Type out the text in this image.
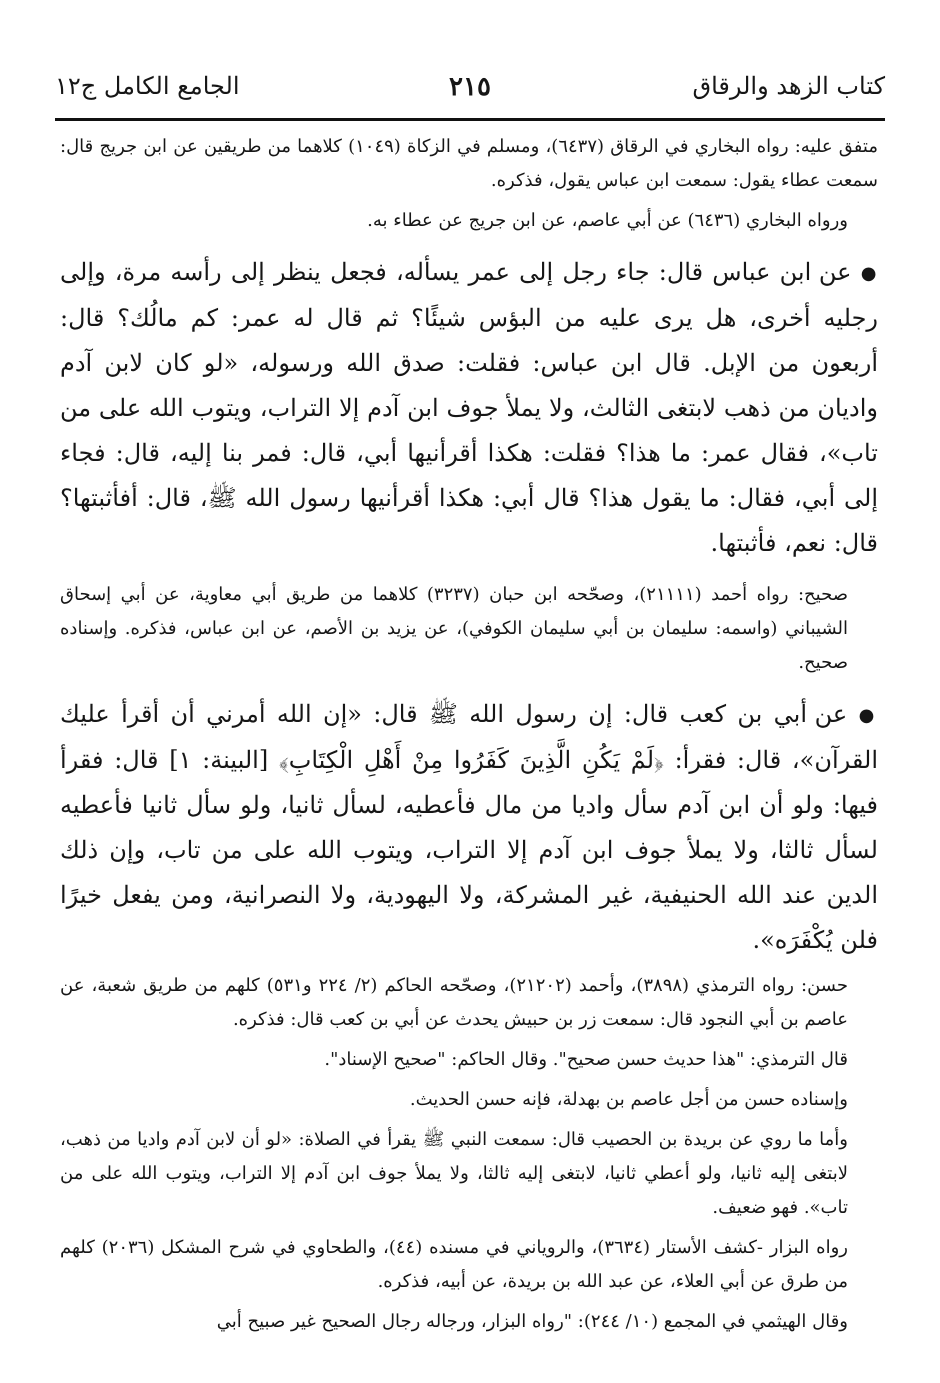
كتاب الزهد والرقاق
٢١٥
الجامع الكامل ج١٢

متفق عليه: رواه البخاري في الرقاق (٦٤٣٧)، ومسلم في الزكاة (١٠٤٩) كلاهما من طريقين عن ابن جريج قال: سمعت عطاء يقول: سمعت ابن عباس يقول، فذكره.

ورواه البخاري (٦٤٣٦) عن أبي عاصم، عن ابن جريج عن عطاء به.

● عن ابن عباس قال: جاء رجل إلى عمر يسأله، فجعل ينظر إلى رأسه مرة، وإلى رجليه أخرى، هل يرى عليه من البؤس شيئًا؟ ثم قال له عمر: كم مالُك؟ قال: أربعون من الإبل. قال ابن عباس: فقلت: صدق الله ورسوله، «لو كان لابن آدم واديان من ذهب لابتغى الثالث، ولا يملأ جوف ابن آدم إلا التراب، ويتوب الله على من تاب»، فقال عمر: ما هذا؟ فقلت: هكذا أقرأنيها أبي، قال: فمر بنا إليه، قال: فجاء إلى أبي، فقال: ما يقول هذا؟ قال أبي: هكذا أقرأنيها رسول الله ﷺ، قال: أفأثبتها؟ قال: نعم، فأثبتها.

صحيح: رواه أحمد (٢١١١١)، وصحّحه ابن حبان (٣٢٣٧) كلاهما من طريق أبي معاوية، عن أبي إسحاق الشيباني (واسمه: سليمان بن أبي سليمان الكوفي)، عن يزيد بن الأصم، عن ابن عباس، فذكره. وإسناده صحيح.

● عن أبي بن كعب قال: إن رسول الله ﷺ قال: «إن الله أمرني أن أقرأ عليك القرآن»، قال: فقرأ: ﴿لَمْ يَكُنِ الَّذِينَ كَفَرُوا مِنْ أَهْلِ الْكِتَابِ﴾ [البينة: ١] قال: فقرأ فيها: ولو أن ابن آدم سأل واديا من مال فأعطيه، لسأل ثانيا، ولو سأل ثانيا فأعطيه لسأل ثالثا، ولا يملأ جوف ابن آدم إلا التراب، ويتوب الله على من تاب، وإن ذلك الدين عند الله الحنيفية، غير المشركة، ولا اليهودية، ولا النصرانية، ومن يفعل خيرًا فلن يُكْفَرَه».

حسن: رواه الترمذي (٣٨٩٨)، وأحمد (٢١٢٠٢)، وصحّحه الحاكم (٢/ ٢٢٤ و٥٣١) كلهم من طريق شعبة، عن عاصم بن أبي النجود قال: سمعت زر بن حبيش يحدث عن أبي بن كعب قال: فذكره.

قال الترمذي: "هذا حديث حسن صحيح". وقال الحاكم: "صحيح الإسناد".

وإسناده حسن من أجل عاصم بن بهدلة، فإنه حسن الحديث.

وأما ما روي عن بريدة بن الحصيب قال: سمعت النبي ﷺ يقرأ في الصلاة: «لو أن لابن آدم واديا من ذهب، لابتغى إليه ثانيا، ولو أعطي ثانيا، لابتغى إليه ثالثا، ولا يملأ جوف ابن آدم إلا التراب، ويتوب الله على من تاب». فهو ضعيف.

رواه البزار -كشف الأستار (٣٦٣٤)، والروياني في مسنده (٤٤)، والطحاوي في شرح المشكل (٢٠٣٦) كلهم من طرق عن أبي العلاء، عن عبد الله بن بريدة، عن أبيه، فذكره.

وقال الهيثمي في المجمع (١٠/ ٢٤٤): "رواه البزار، ورجاله رجال الصحيح غير صبيح أبي
